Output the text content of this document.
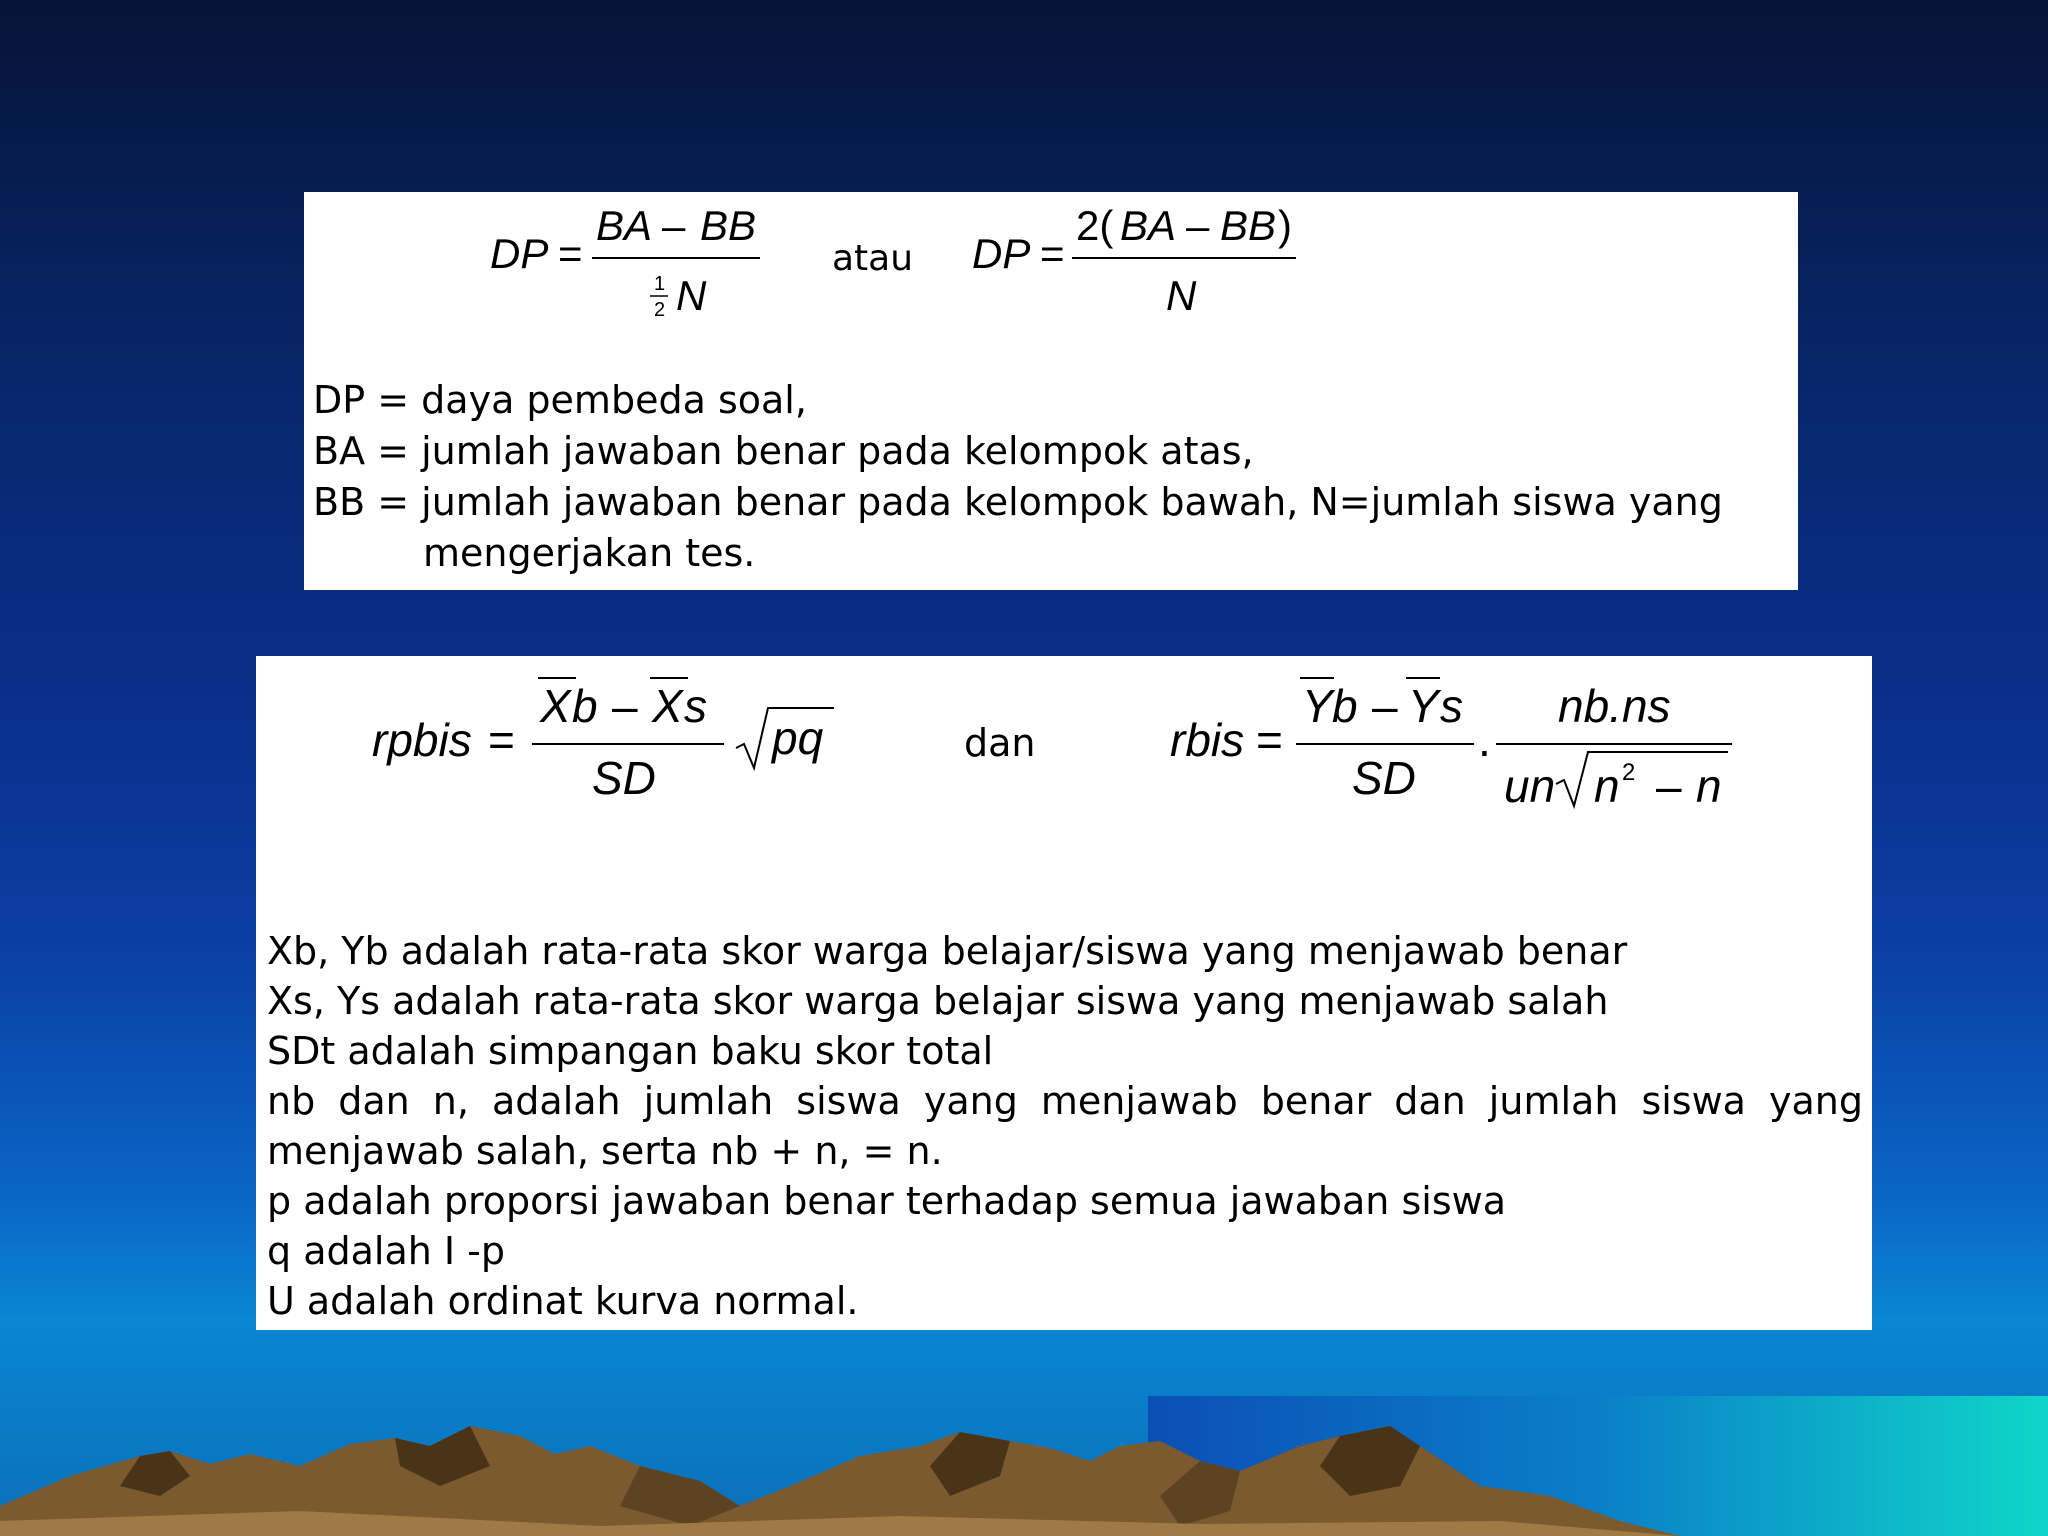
DP =
BA – BB
1
2 N
atau DP =
2( BA – BB )
N
DP = daya pembeda soal,
BA = jumlah jawaban benar pada kelompok atas,
BB = jumlah jawaban benar pada kelompok bawah, N=jumlah siswa yang
mengerjakan tes.
rpbis =
X b – X s
SD
pq	dan	rbis =
Y b – Y s
SD
.
nb.ns
un n 2 – n
Xb, Yb adalah rata-rata skor warga belajar/siswa yang menjawab benar
Xs, Ys adalah rata-rata skor warga belajar siswa yang menjawab salah
SDt adalah simpangan baku skor total
nb dan n, adalah jumlah siswa yang menjawab benar dan jumlah siswa yang
menjawab salah, serta nb + n, = n.
p adalah proporsi jawaban benar terhadap semua jawaban siswa
q adalah I -p
U adalah ordinat kurva normal.
